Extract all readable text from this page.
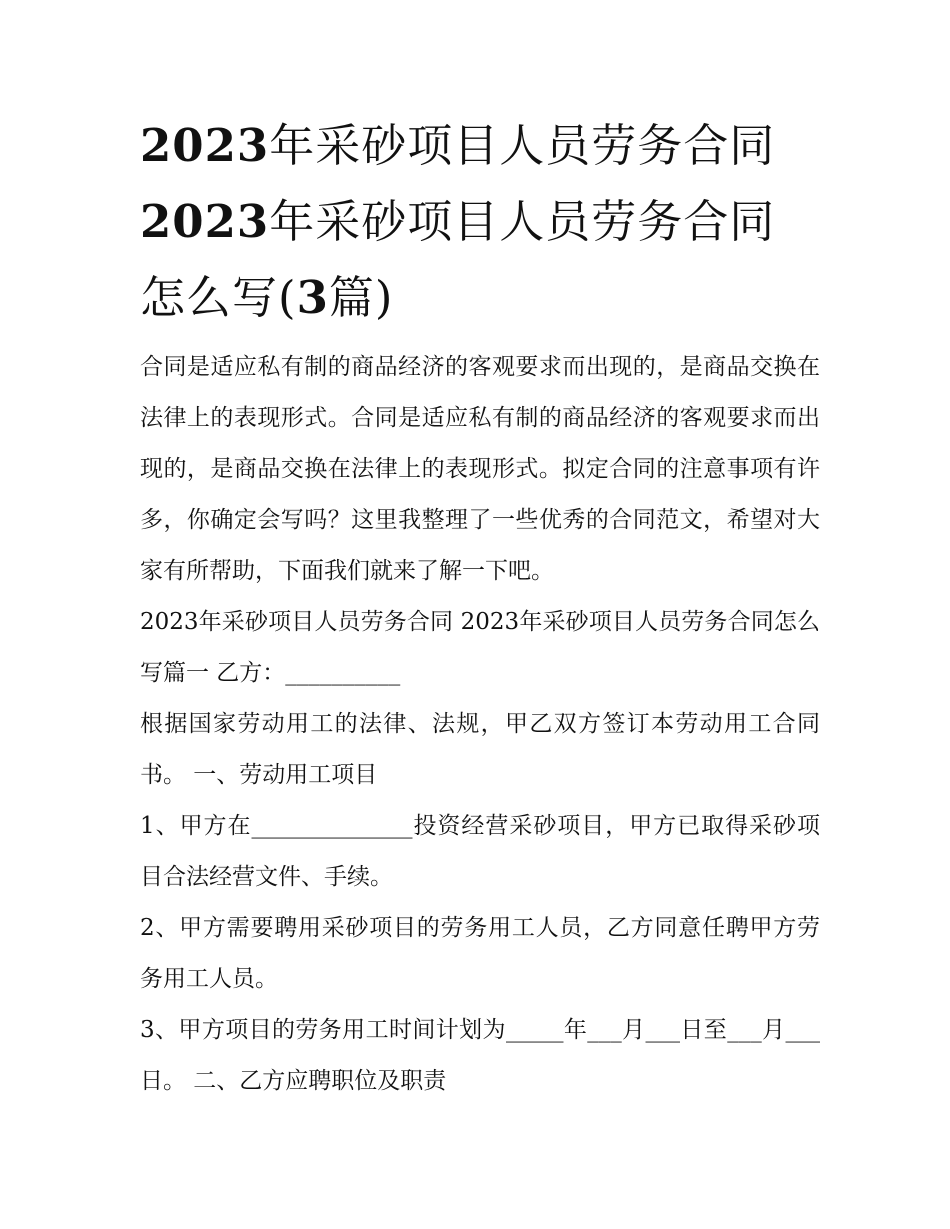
2023年采砂项目人员劳务合同
2023年采砂项目人员劳务合同
怎么写(3篇)

合同是适应私有制的商品经济的客观要求而出现的，是商品交换在法律上的表现形式。合同是适应私有制的商品经济的客观要求而出现的，是商品交换在法律上的表现形式。拟定合同的注意事项有许多，你确定会写吗？这里我整理了一些优秀的合同范文，希望对大家有所帮助，下面我们就来了解一下吧。

2023年采砂项目人员劳务合同 2023年采砂项目人员劳务合同怎么写篇一 乙方：__________

根据国家劳动用工的法律、法规，甲乙双方签订本劳动用工合同书。 一、劳动用工项目

1、甲方在______________投资经营采砂项目，甲方已取得采砂项目合法经营文件、手续。

2、甲方需要聘用采砂项目的劳务用工人员，乙方同意任聘甲方劳务用工人员。

3、甲方项目的劳务用工时间计划为_____年___月___日至___月___日。 二、乙方应聘职位及职责
